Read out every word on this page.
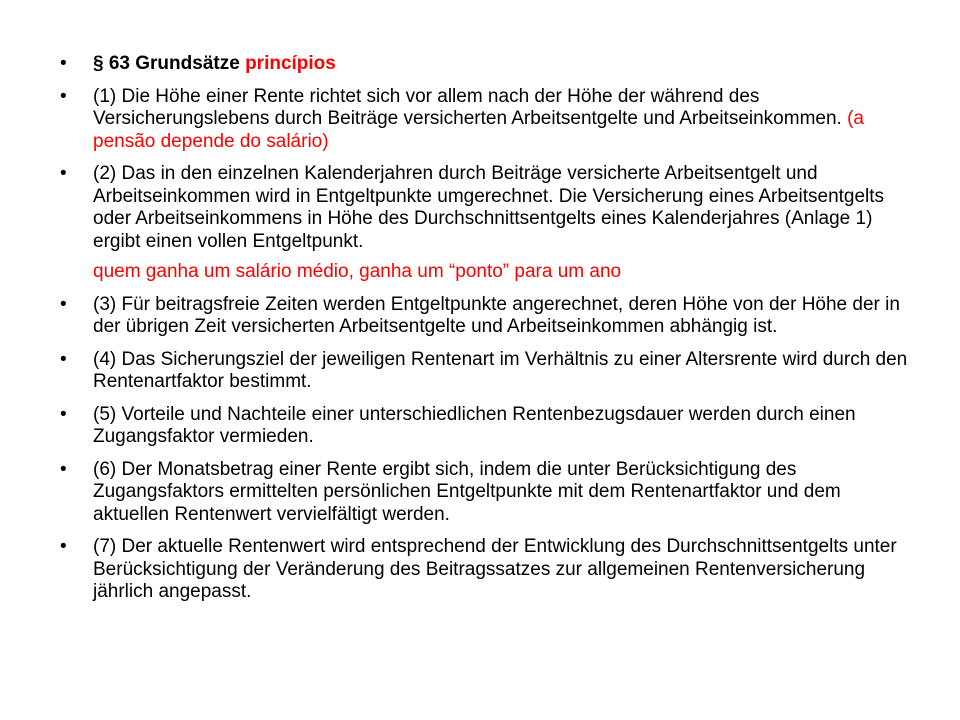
•	§ 63 Grundsätze princípios
•	(1) Die Höhe einer Rente richtet sich vor allem nach der Höhe der während des Versicherungslebens durch Beiträge versicherten Arbeitsentgelte und Arbeitseinkommen. (a pensão depende do salário)
•	(2) Das in den einzelnen Kalenderjahren durch Beiträge versicherte Arbeitsentgelt und Arbeitseinkommen wird in Entgeltpunkte umgerechnet. Die Versicherung eines Arbeitsentgelts oder Arbeitseinkommens in Höhe des Durchschnittsentgelts eines Kalenderjahres (Anlage 1) ergibt einen vollen Entgeltpunkt.
quem ganha um salário médio, ganha um “ponto” para um ano
•	(3) Für beitragsfreie Zeiten werden Entgeltpunkte angerechnet, deren Höhe von der Höhe der in der übrigen Zeit versicherten Arbeitsentgelte und Arbeitseinkommen abhängig ist.
•	(4) Das Sicherungsziel der jeweiligen Rentenart im Verhältnis zu einer Altersrente wird durch den Rentenartfaktor bestimmt.
•	(5) Vorteile und Nachteile einer unterschiedlichen Rentenbezugsdauer werden durch einen Zugangsfaktor vermieden.
•	(6) Der Monatsbetrag einer Rente ergibt sich, indem die unter Berücksichtigung des Zugangsfaktors ermittelten persönlichen Entgeltpunkte mit dem Rentenartfaktor und dem aktuellen Rentenwert vervielfältigt werden.
•	(7) Der aktuelle Rentenwert wird entsprechend der Entwicklung des Durchschnittsentgelts unter Berücksichtigung der Veränderung des Beitragssatzes zur allgemeinen Rentenversicherung jährlich angepasst.
